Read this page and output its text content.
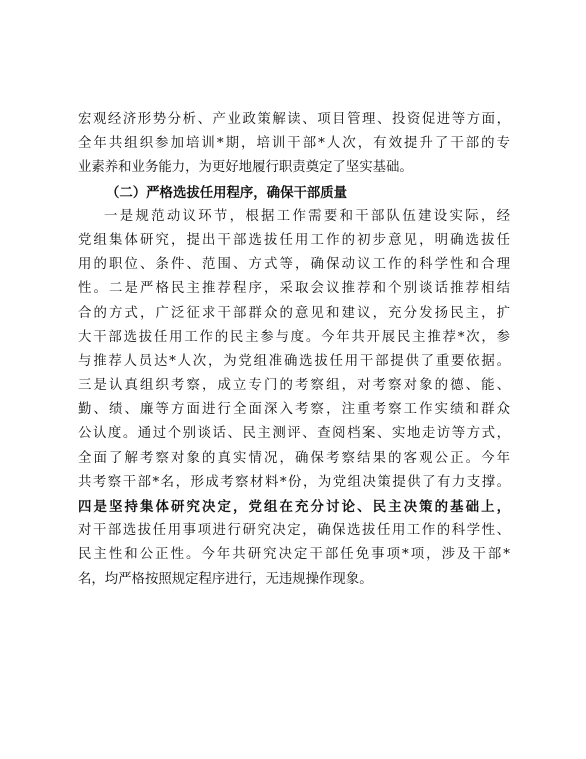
宏观经济形势分析、产业政策解读、项目管理、投资促进等方面，
全年共组织参加培训*期，培训干部*人次，有效提升了干部的专
业素养和业务能力，为更好地履行职责奠定了坚实基础。
（二）严格选拔任用程序，确保干部质量
一是规范动议环节，根据工作需要和干部队伍建设实际，经
党组集体研究，提出干部选拔任用工作的初步意见，明确选拔任
用的职位、条件、范围、方式等，确保动议工作的科学性和合理
性。二是严格民主推荐程序，采取会议推荐和个别谈话推荐相结
合的方式，广泛征求干部群众的意见和建议，充分发扬民主，扩
大干部选拔任用工作的民主参与度。今年共开展民主推荐*次，参
与推荐人员达*人次，为党组准确选拔任用干部提供了重要依据。
三是认真组织考察，成立专门的考察组，对考察对象的德、能、
勤、绩、廉等方面进行全面深入考察，注重考察工作实绩和群众
公认度。通过个别谈话、民主测评、查阅档案、实地走访等方式，
全面了解考察对象的真实情况，确保考察结果的客观公正。今年
共考察干部*名，形成考察材料*份，为党组决策提供了有力支撑。
四是坚持集体研究决定，党组在充分讨论、民主决策的基础上，
对干部选拔任用事项进行研究决定，确保选拔任用工作的科学性、
民主性和公正性。今年共研究决定干部任免事项*项，涉及干部*
名，均严格按照规定程序进行，无违规操作现象。
